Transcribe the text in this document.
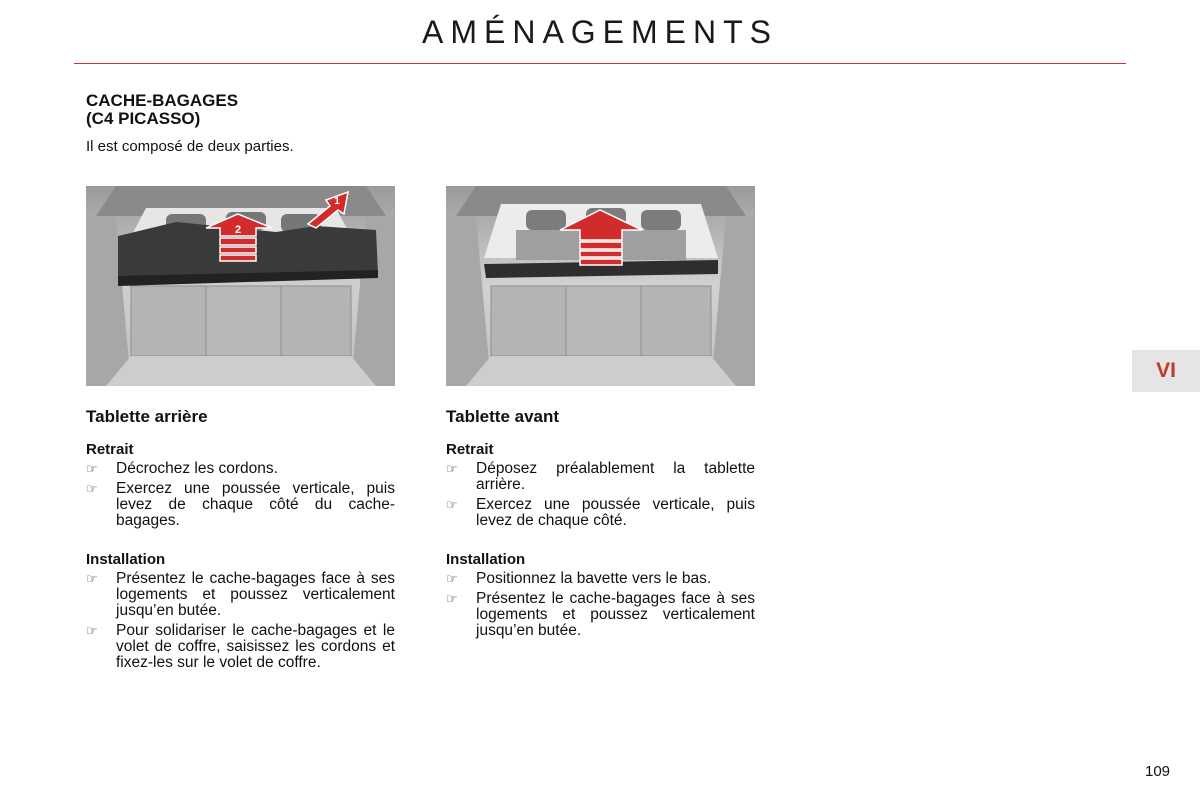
AMÉNAGEMENTS
CACHE-BAGAGES
(C4 PICASSO)
Il est composé de deux parties.
2
1
Tablette arrière
Retrait
☞ Décrochez les cordons.
☞ Exercez une poussée verticale, puis levez de chaque côté du cache-bagages.
Installation
☞ Présentez le cache-bagages face à ses logements et poussez verticalement jusqu’en butée.
☞ Pour solidariser le cache-bagages et le volet de coffre, saisissez les cordons et fixez-les sur le volet de coffre.
Tablette avant
Retrait
☞ Déposez préalablement la tablette arrière.
☞ Exercez une poussée verticale, puis levez de chaque côté.
Installation
☞ Positionnez la bavette vers le bas.
☞ Présentez le cache-bagages face à ses logements et poussez verticalement jusqu’en butée.
VI
109
